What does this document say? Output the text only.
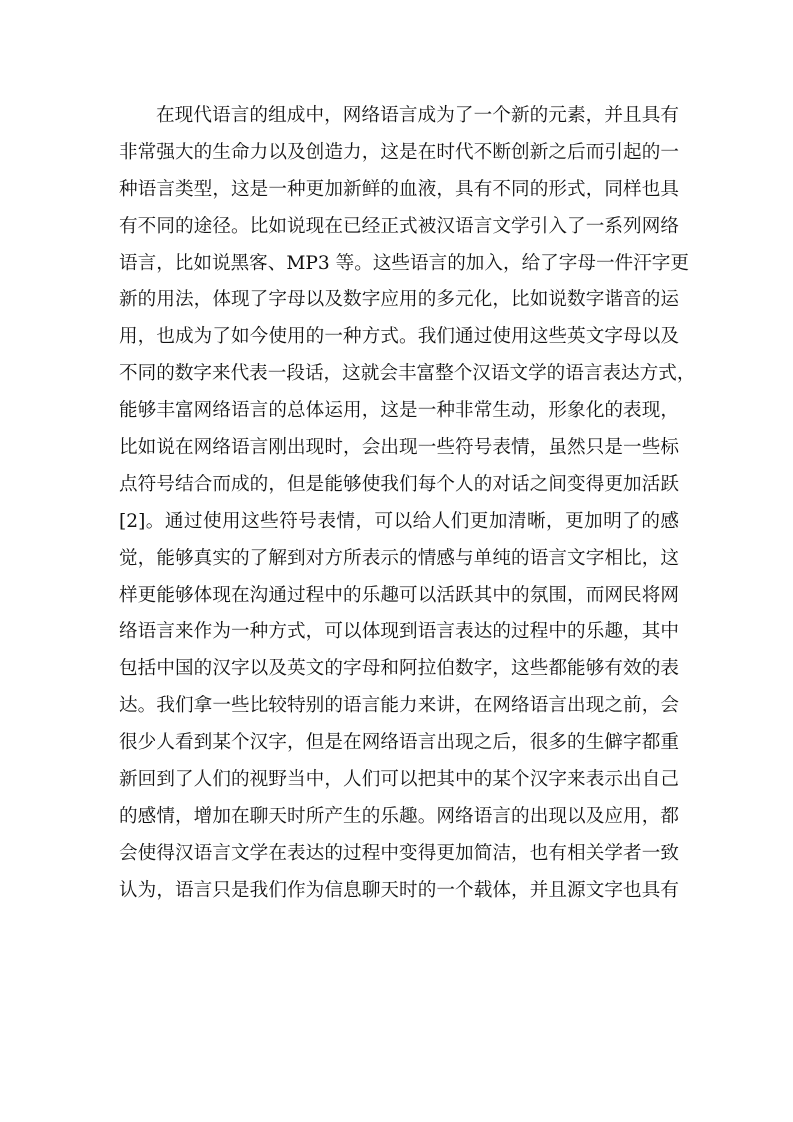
在现代语言的组成中，网络语言成为了一个新的元素，并且具有
非常强大的生命力以及创造力，这是在时代不断创新之后而引起的一
种语言类型，这是一种更加新鲜的血液，具有不同的形式，同样也具
有不同的途径。比如说现在已经正式被汉语言文学引入了一系列网络
语言，比如说黑客、MP3 等。这些语言的加入，给了字母一件汗字更
新的用法，体现了字母以及数字应用的多元化，比如说数字谐音的运
用，也成为了如今使用的一种方式。我们通过使用这些英文字母以及
不同的数字来代表一段话，这就会丰富整个汉语文学的语言表达方式，
能够丰富网络语言的总体运用，这是一种非常生动，形象化的表现，
比如说在网络语言刚出现时，会出现一些符号表情，虽然只是一些标
点符号结合而成的，但是能够使我们每个人的对话之间变得更加活跃
[2]。通过使用这些符号表情，可以给人们更加清晰，更加明了的感
觉，能够真实的了解到对方所表示的情感与单纯的语言文字相比，这
样更能够体现在沟通过程中的乐趣可以活跃其中的氛围，而网民将网
络语言来作为一种方式，可以体现到语言表达的过程中的乐趣，其中
包括中国的汉字以及英文的字母和阿拉伯数字，这些都能够有效的表
达。我们拿一些比较特别的语言能力来讲，在网络语言出现之前，会
很少人看到某个汉字，但是在网络语言出现之后，很多的生僻字都重
新回到了人们的视野当中，人们可以把其中的某个汉字来表示出自己
的感情，增加在聊天时所产生的乐趣。网络语言的出现以及应用，都
会使得汉语言文学在表达的过程中变得更加简洁，也有相关学者一致
认为，语言只是我们作为信息聊天时的一个载体，并且源文字也具有
